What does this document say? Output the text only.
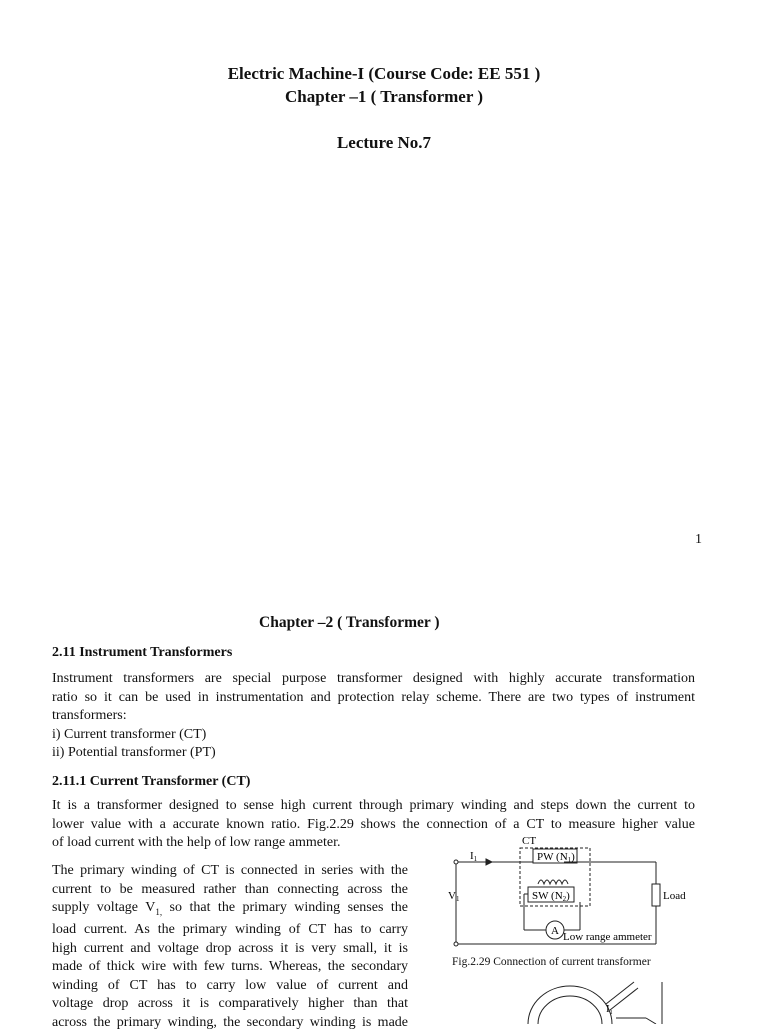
Electric Machine-I (Course Code: EE 551 )
Chapter –1 ( Transformer )
Lecture No.7
1
Chapter –2 ( Transformer )
2.11 Instrument Transformers
Instrument transformers are special purpose transformer designed with highly accurate transformation
ratio so it can be used in instrumentation and protection relay scheme. There are two types of instrument
transformers:
i) Current transformer (CT)
ii) Potential transformer (PT)
2.11.1 Current Transformer (CT)
It is a transformer designed to sense high current through primary winding and steps down the current to
lower value with a accurate known ratio. Fig.2.29 shows the connection of a CT to measure higher value
of load current with the help of low range ammeter.
The primary winding of CT is connected in series with the
current to be measured rather than connecting across the
supply voltage $V_{1,}$ so that the primary winding senses the
load current. As the primary winding of CT has to carry
high current and voltage drop across it is very small, it is
made of thick wire with few turns. Whereas, the secondary
winding of CT has to carry low value of current and
voltage drop across it is comparatively higher than that
across the primary winding, the secondary winding is made
CT
I1
V1
PW (N1)
SW (N2)	Load
A Low range ammeter
I1
Fig.2.29 Connection of current transformer
